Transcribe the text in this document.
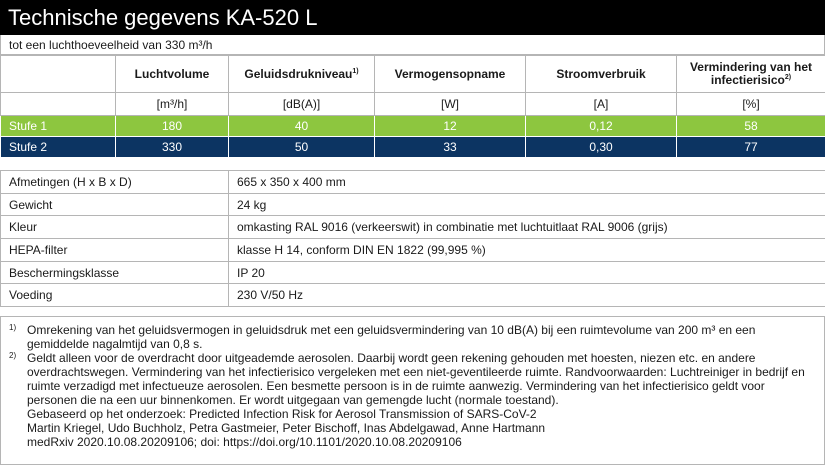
Technische gegevens KA-520 L
tot een luchthoeveelheid van 330 m³/h
	Luchtvolume	Geluidsdrukniveau$^{1)}$	Vermogensopname	Stroomverbruik	Vermindering van het infectierisico$^{2)}$
	[m³/h]	[dB(A)]	[W]	[A]	[%]
Stufe 1	180	40	12	0,12	58
Stufe 2	330	50	33	0,30	77
Afmetingen (H x B x D)	665 x 350 x 400 mm
Gewicht	24 kg
Kleur	omkasting RAL 9016 (verkeerswit) in combinatie met luchtuitlaat RAL 9006 (grijs)
HEPA-filter	klasse H 14, conform DIN EN 1822 (99,995 %)
Beschermingsklasse	IP 20
Voeding	230 V/50 Hz
1) Omrekening van het geluidsvermogen in geluidsdruk met een geluidsvermindering van 10 dB(A) bij een ruimtevolume van 200 m³ en een gemiddelde nagalmtijd van 0,8 s.
2) Geldt alleen voor de overdracht door uitgeademde aerosolen. Daarbij wordt geen rekening gehouden met hoesten, niezen etc. en andere overdrachtswegen. Vermindering van het infectierisico vergeleken met een niet-geventileerde ruimte. Randvoorwaarden: Luchtreiniger in bedrijf en ruimte verzadigd met infectueuze aerosolen. Een besmette persoon is in de ruimte aanwezig. Vermindering van het infectierisico geldt voor personen die na een uur binnenkomen. Er wordt uitgegaan van gemengde lucht (normale toestand).
Gebaseerd op het onderzoek: Predicted Infection Risk for Aerosol Transmission of SARS-CoV-2
Martin Kriegel, Udo Buchholz, Petra Gastmeier, Peter Bischoff, Inas Abdelgawad, Anne Hartmann
medRxiv 2020.10.08.20209106; doi: https://doi.org/10.1101/2020.10.08.20209106
